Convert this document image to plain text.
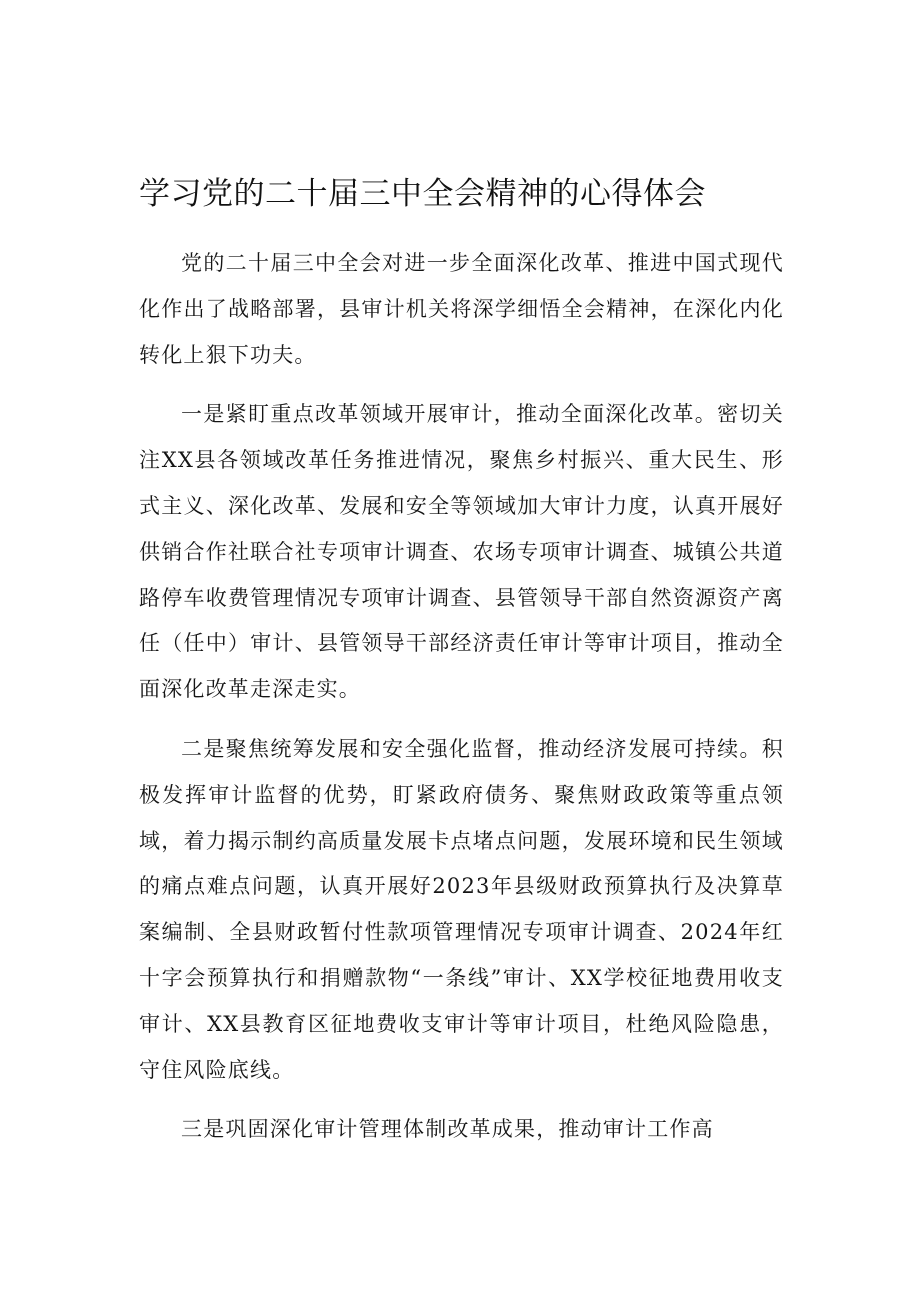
学习党的二十届三中全会精神的心得体会

党的二十届三中全会对进一步全面深化改革、推进中国式现代化作出了战略部署，县审计机关将深学细悟全会精神，在深化内化转化上狠下功夫。

一是紧盯重点改革领域开展审计，推动全面深化改革。密切关注XX县各领域改革任务推进情况，聚焦乡村振兴、重大民生、形式主义、深化改革、发展和安全等领域加大审计力度，认真开展好供销合作社联合社专项审计调查、农场专项审计调查、城镇公共道路停车收费管理情况专项审计调查、县管领导干部自然资源资产离任（任中）审计、县管领导干部经济责任审计等审计项目，推动全面深化改革走深走实。

二是聚焦统筹发展和安全强化监督，推动经济发展可持续。积极发挥审计监督的优势，盯紧政府债务、聚焦财政政策等重点领域，着力揭示制约高质量发展卡点堵点问题，发展环境和民生领域的痛点难点问题，认真开展好2023年县级财政预算执行及决算草案编制、全县财政暂付性款项管理情况专项审计调查、2024年红十字会预算执行和捐赠款物“一条线”审计、XX学校征地费用收支审计、XX县教育区征地费收支审计等审计项目，杜绝风险隐患，守住风险底线。

三是巩固深化审计管理体制改革成果，推动审计工作高
